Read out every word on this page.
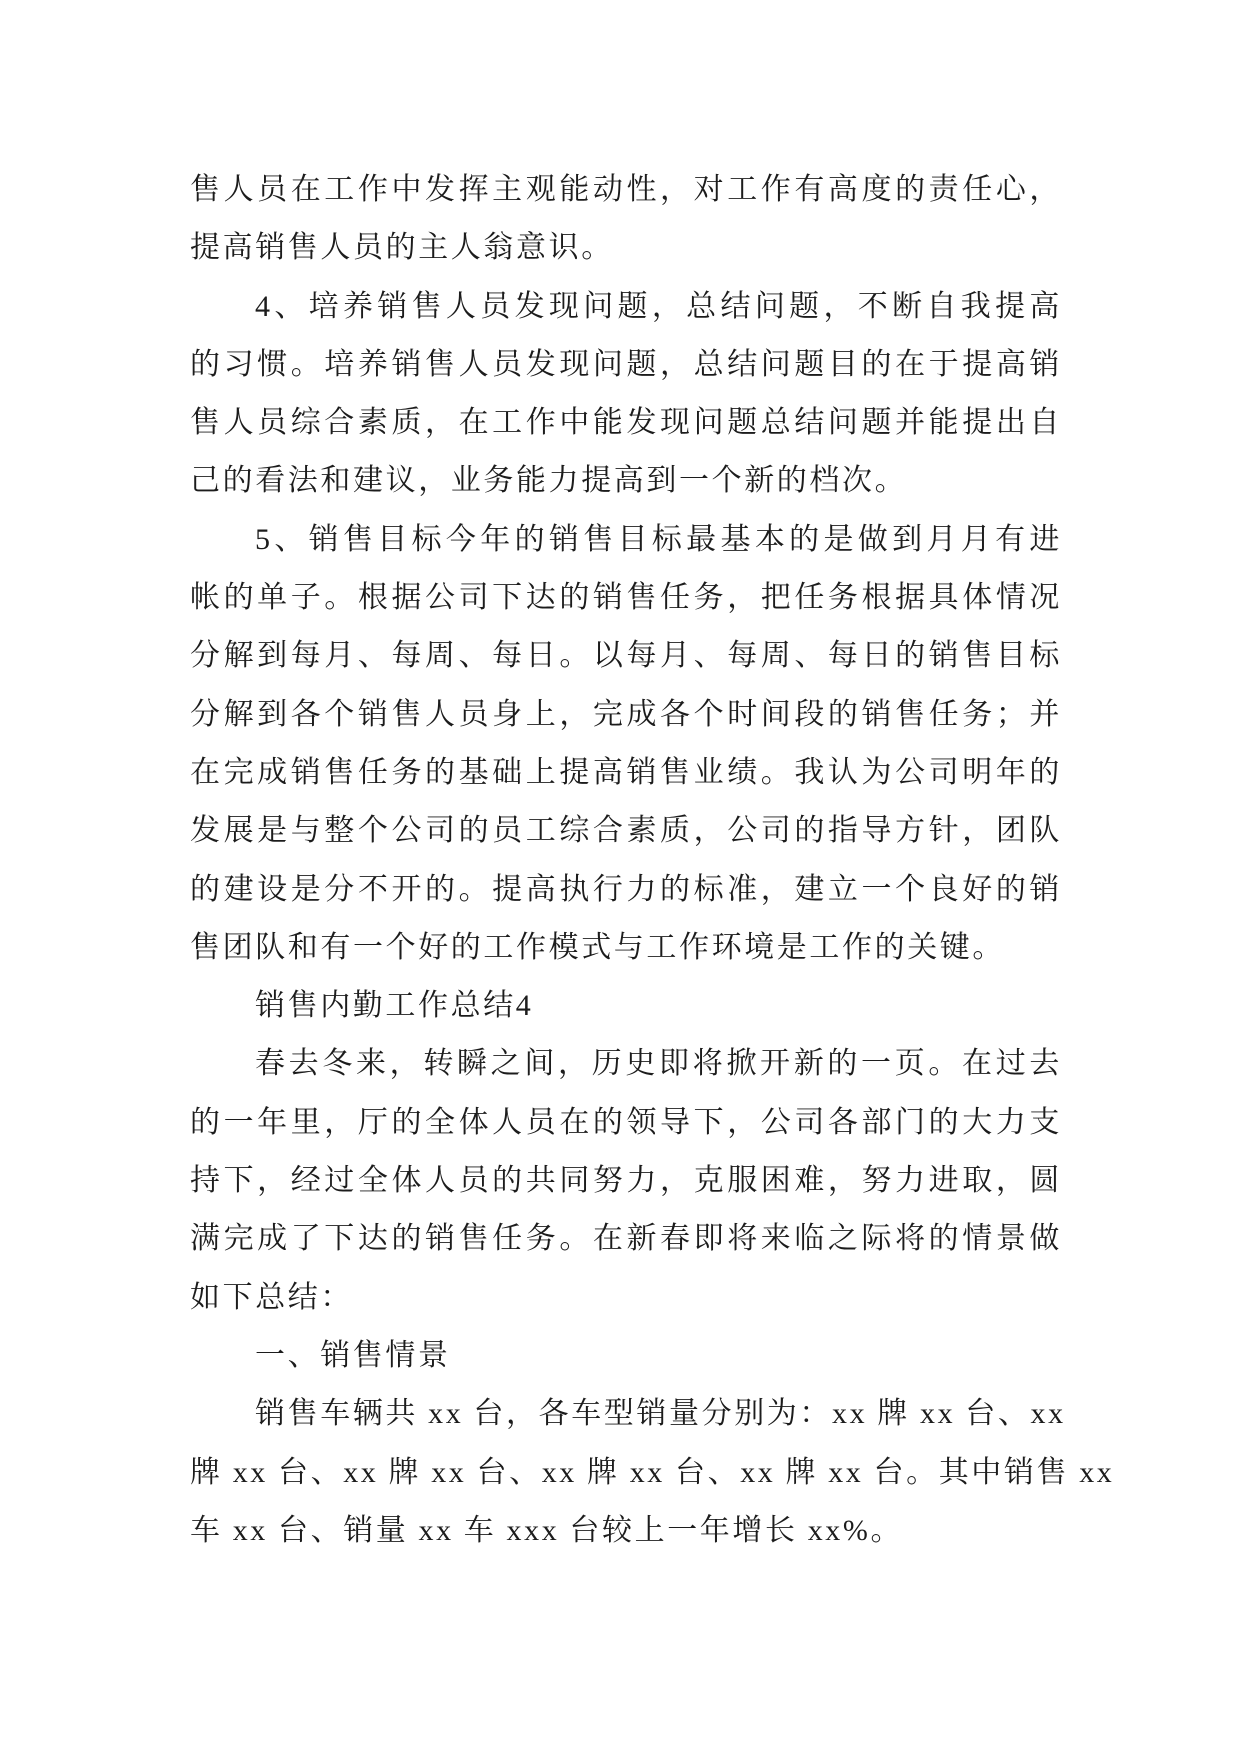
售人员在工作中发挥主观能动性，对工作有高度的责任心，
提高销售人员的主人翁意识。
4、培养销售人员发现问题，总结问题，不断自我提高
的习惯。培养销售人员发现问题，总结问题目的在于提高销
售人员综合素质，在工作中能发现问题总结问题并能提出自
己的看法和建议，业务能力提高到一个新的档次。
5、销售目标今年的销售目标最基本的是做到月月有进
帐的单子。根据公司下达的销售任务，把任务根据具体情况
分解到每月、每周、每日。以每月、每周、每日的销售目标
分解到各个销售人员身上，完成各个时间段的销售任务；并
在完成销售任务的基础上提高销售业绩。我认为公司明年的
发展是与整个公司的员工综合素质，公司的指导方针，团队
的建设是分不开的。提高执行力的标准，建立一个良好的销
售团队和有一个好的工作模式与工作环境是工作的关键。
销售内勤工作总结4
春去冬来，转瞬之间，历史即将掀开新的一页。在过去
的一年里，厅的全体人员在的领导下，公司各部门的大力支
持下，经过全体人员的共同努力，克服困难，努力进取，圆
满完成了下达的销售任务。在新春即将来临之际将的情景做
如下总结：
一、销售情景
销售车辆共 xx 台，各车型销量分别为：xx 牌 xx 台、xx
牌 xx 台、xx 牌 xx 台、xx 牌 xx 台、xx 牌 xx 台。其中销售 xx
车 xx 台、销量 xx 车 xxx 台较上一年增长 xx%。
